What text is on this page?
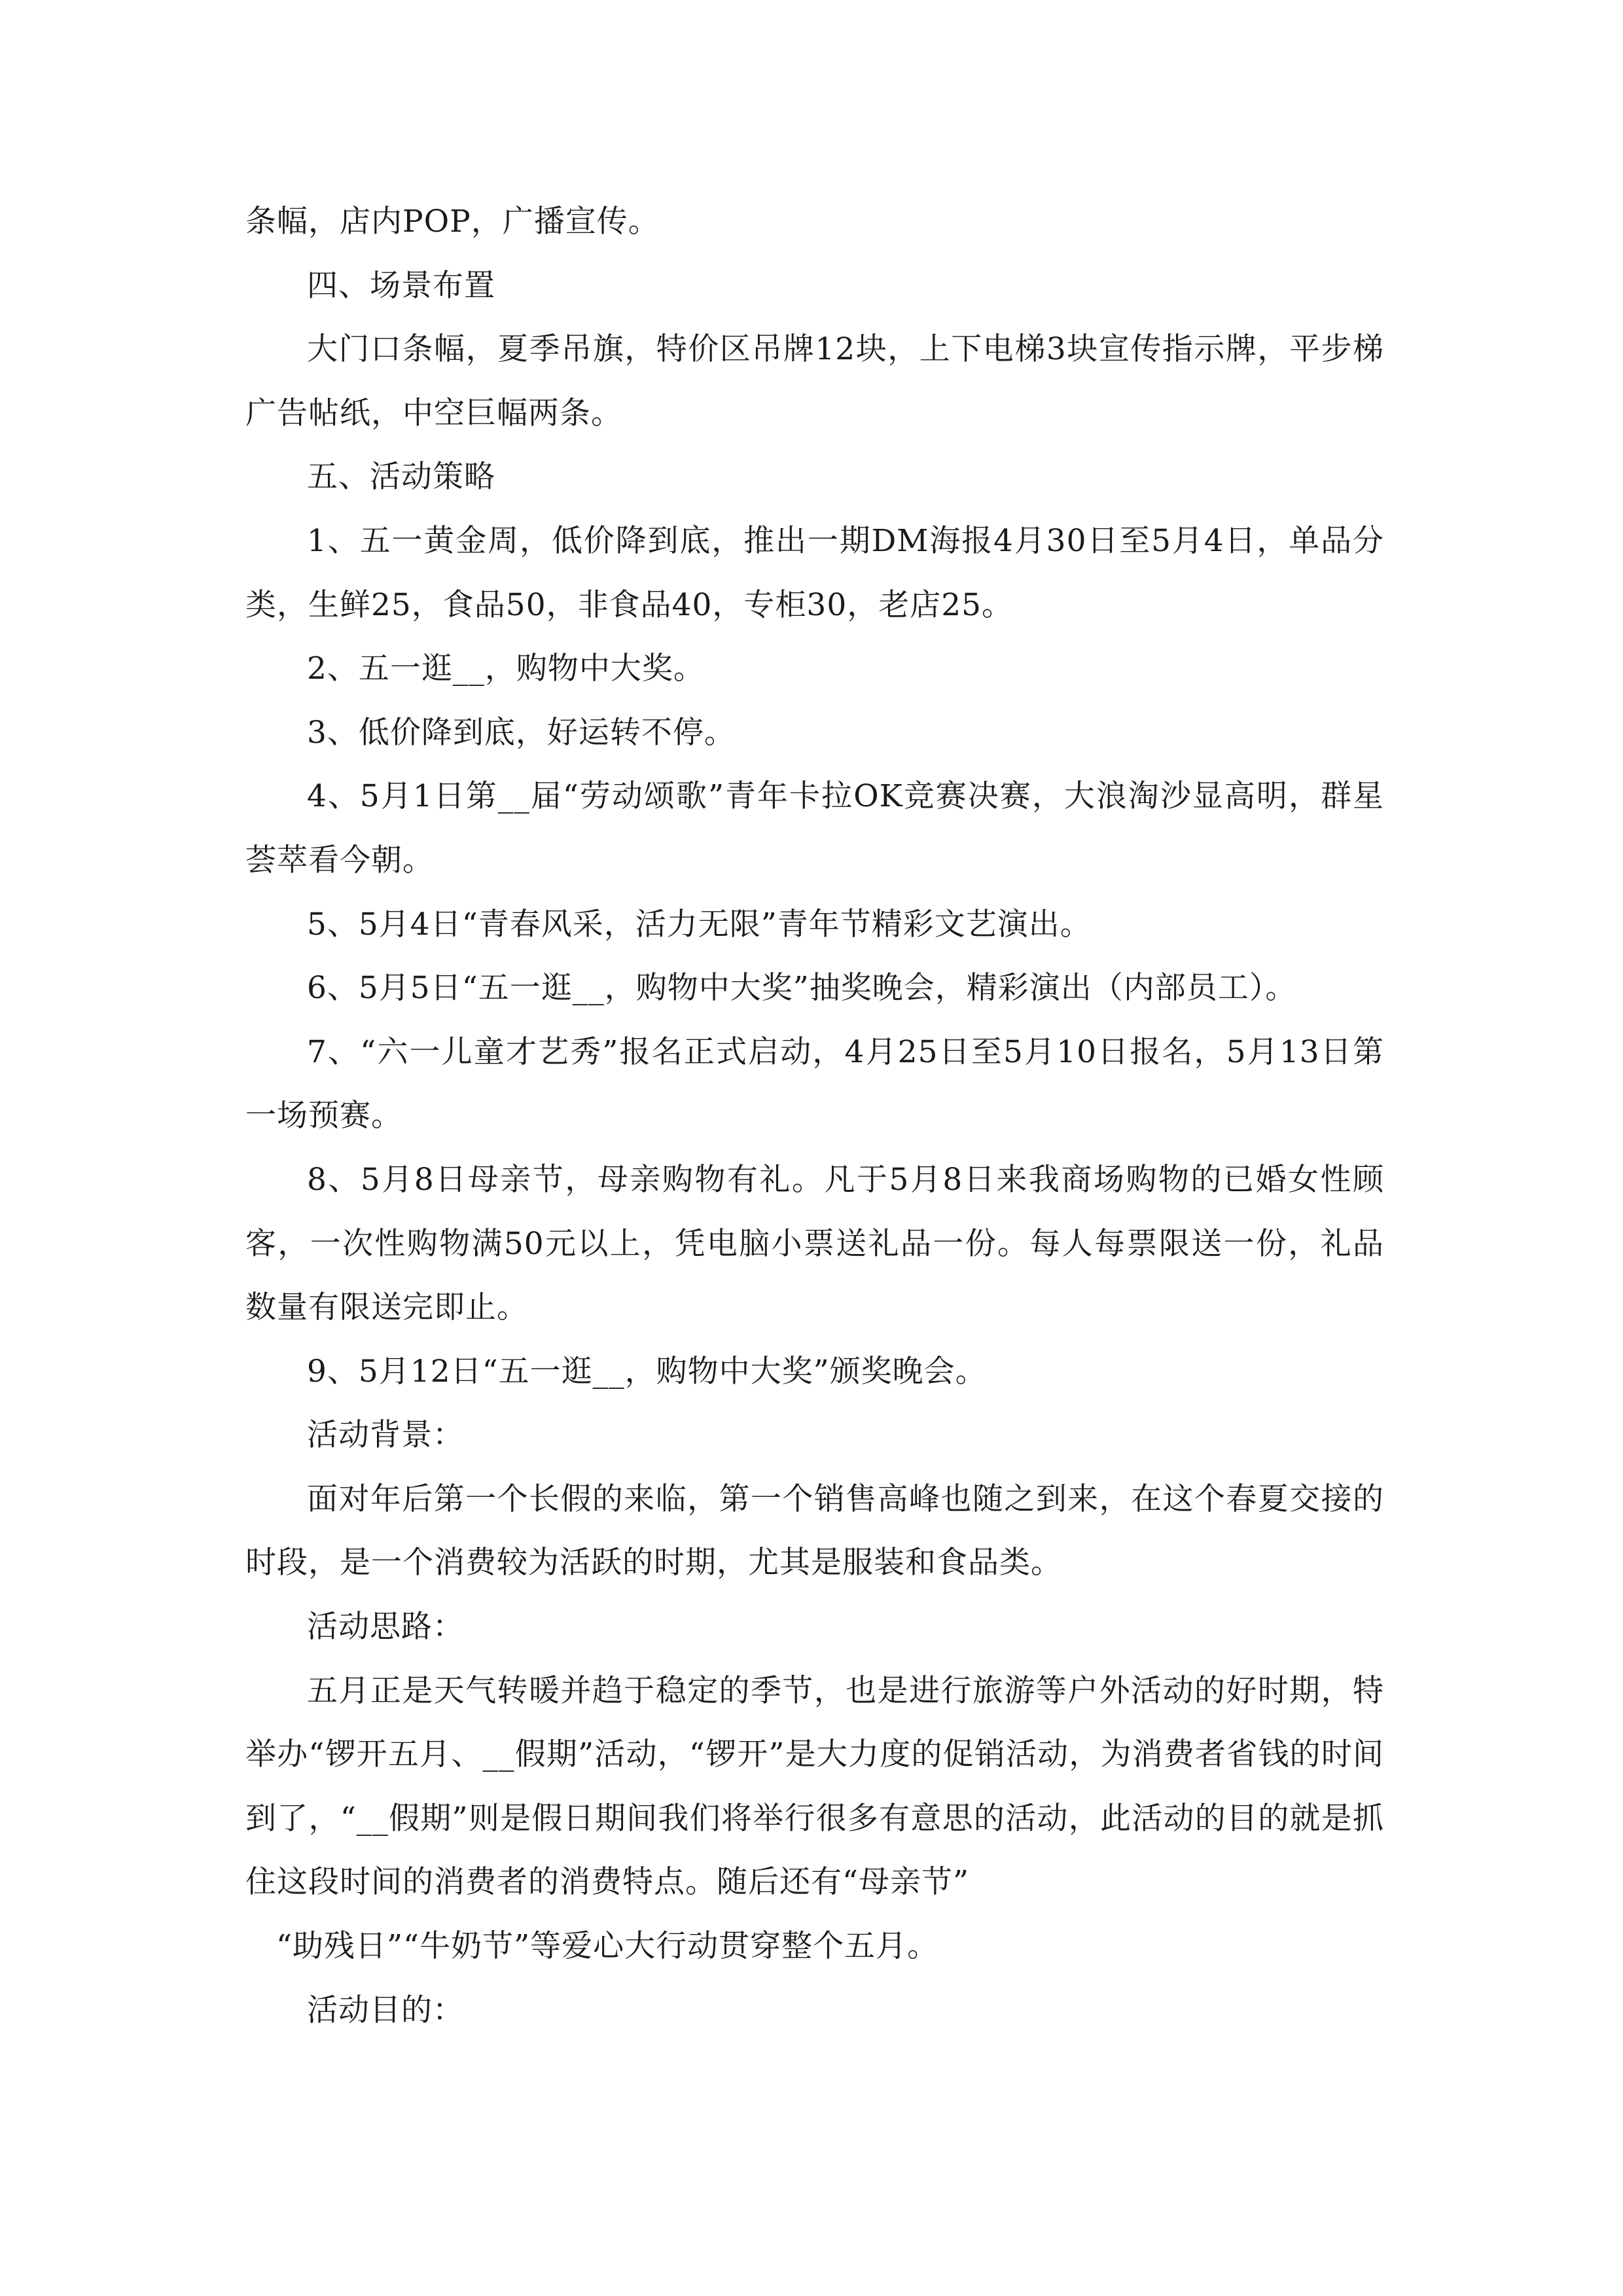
条幅，店内POP，广播宣传。

四、场景布置

大门口条幅，夏季吊旗，特价区吊牌12块，上下电梯3块宣传指示牌，平步梯广告帖纸，中空巨幅两条。

五、活动策略

1、五一黄金周，低价降到底，推出一期DM海报4月30日至5月4日，单品分类，生鲜25，食品50，非食品40，专柜30，老店25。

2、五一逛__，购物中大奖。

3、低价降到底，好运转不停。

4、5月1日第__届“劳动颂歌”青年卡拉OK竞赛决赛，大浪淘沙显高明，群星荟萃看今朝。

5、5月4日“青春风采，活力无限”青年节精彩文艺演出。

6、5月5日“五一逛__，购物中大奖”抽奖晚会，精彩演出（内部员工）。

7、“六一儿童才艺秀”报名正式启动，4月25日至5月10日报名，5月13日第一场预赛。

8、5月8日母亲节，母亲购物有礼。凡于5月8日来我商场购物的已婚女性顾客，一次性购物满50元以上，凭电脑小票送礼品一份。每人每票限送一份，礼品数量有限送完即止。

9、5月12日“五一逛__，购物中大奖”颁奖晚会。

活动背景：

面对年后第一个长假的来临，第一个销售高峰也随之到来，在这个春夏交接的时段，是一个消费较为活跃的时期，尤其是服装和食品类。

活动思路：

五月正是天气转暖并趋于稳定的季节，也是进行旅游等户外活动的好时期，特举办“锣开五月、__假期”活动，“锣开”是大力度的促销活动，为消费者省钱的时间到了，“__假期”则是假日期间我们将举行很多有意思的活动，此活动的目的就是抓住这段时间的消费者的消费特点。随后还有“母亲节”

“助残日”“牛奶节”等爱心大行动贯穿整个五月。

活动目的：
